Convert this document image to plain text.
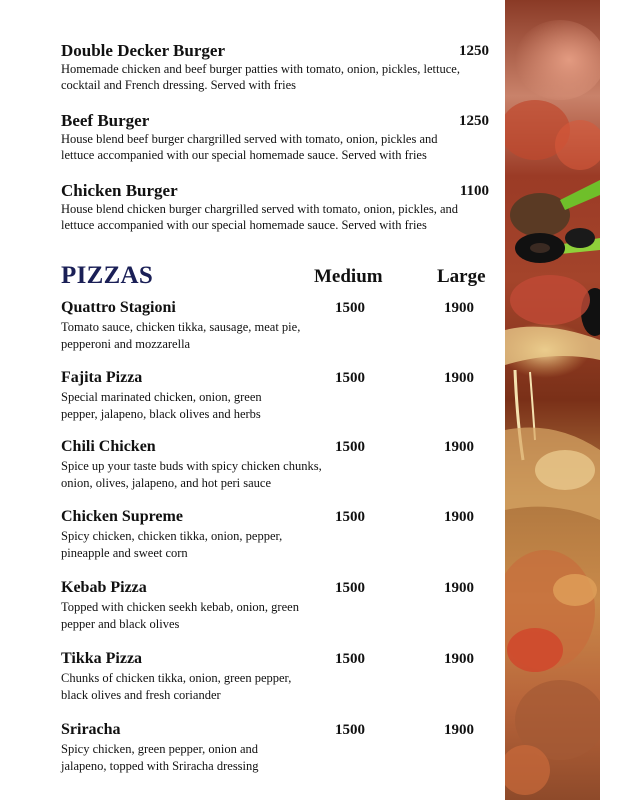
Double Decker Burger	1250
Homemade chicken and beef burger patties with tomato, onion, pickles, lettuce, cocktail and French dressing. Served with fries
Beef Burger	1250
House blend beef burger chargrilled served with tomato, onion, pickles and lettuce accompanied with our special homemade sauce. Served with fries
Chicken Burger	1100
House blend chicken burger chargrilled served with tomato, onion, pickles, and lettuce accompanied with our special homemade sauce. Served with fries
PIZZAS	Medium	Large
Quattro Stagioni	1500	1900
Tomato sauce, chicken tikka, sausage, meat pie, pepperoni and mozzarella
Fajita Pizza	1500	1900
Special marinated chicken, onion, green pepper, jalapeno, black olives and herbs
Chili Chicken	1500	1900
Spice up your taste buds with spicy chicken chunks, onion, olives, jalapeno, and hot peri sauce
Chicken Supreme	1500	1900
Spicy chicken, chicken tikka, onion, pepper, pineapple and sweet corn
Kebab Pizza	1500	1900
Topped with chicken seekh kebab, onion, green pepper and black olives
Tikka Pizza	1500	1900
Chunks of chicken tikka, onion, green pepper, black olives and fresh coriander
Sriracha	1500	1900
Spicy chicken, green pepper, onion and jalapeno, topped with Sriracha dressing
